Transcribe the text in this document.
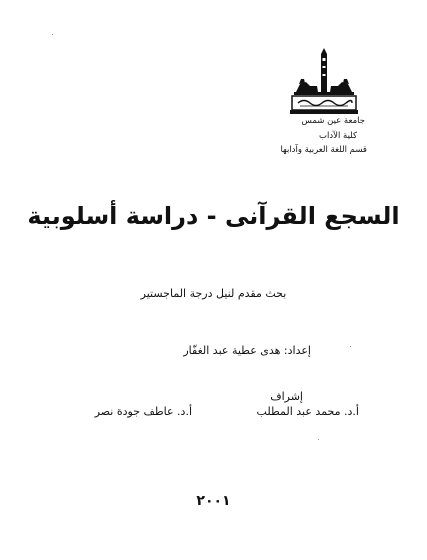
جامعة عين شمس
كلية الآداب
قسم اللغة العربية وآدابها
السجع القرآنى - دراسة أسلوبية
بحث مقدم لنيل درجة الماجستير
إعداد: هدى عطية عبد الغفّار
إشراف
أ.د. محمد عبد المطلب
أ.د. عاطف جودة نصر
٢٠٠١
